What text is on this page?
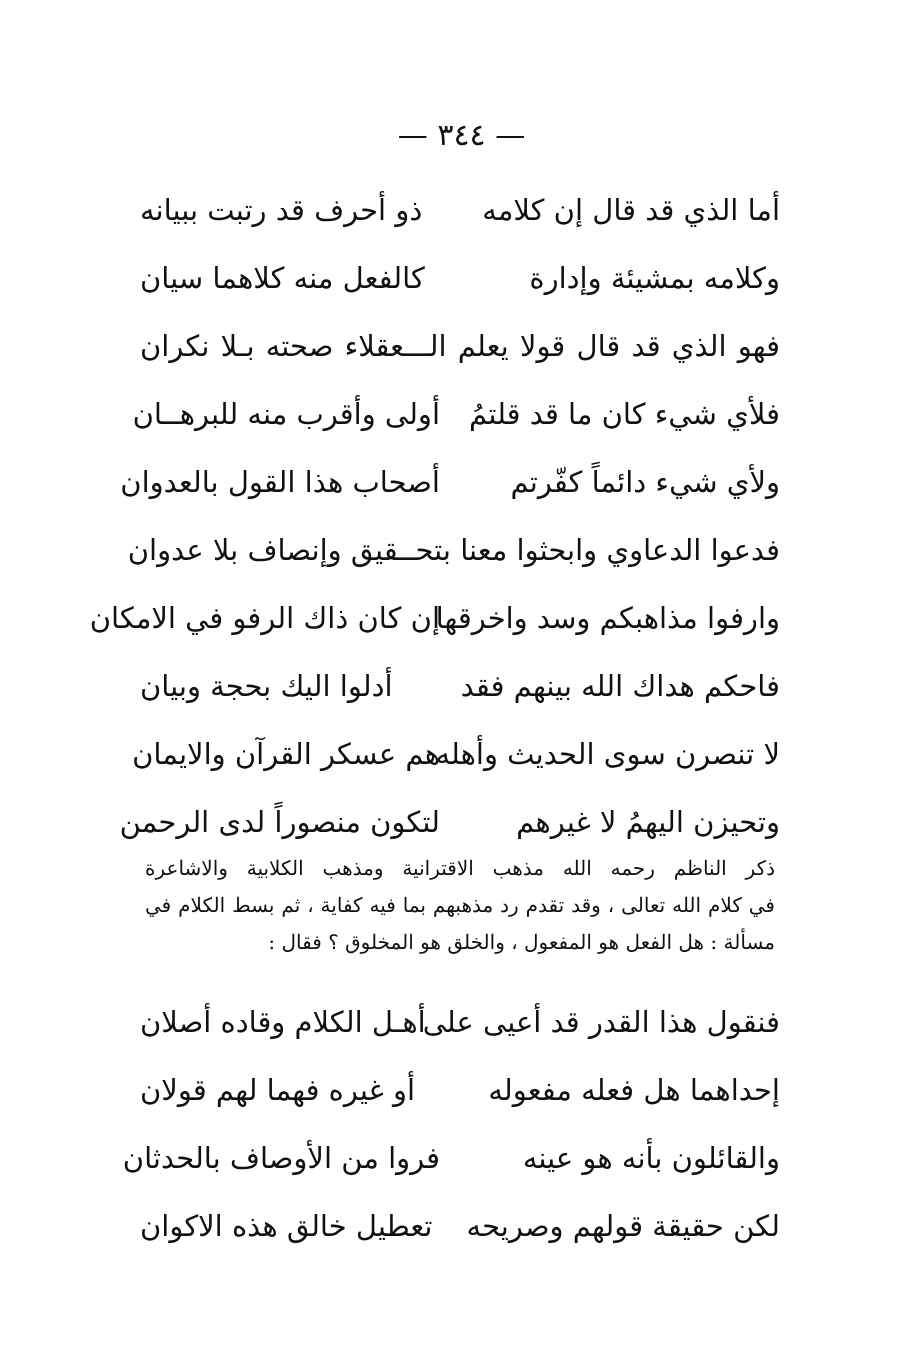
— ٣٤٤ —
أما الذي قد قال إن كلامه
ذو أحرف قد رتبت ببيانه
وكلامه بمشيئة وإدارة
كالفعل منه كلاهما سيان
فهو الذي قد قال قولا يعلم الـــعقلاء صحته بـلا نكران
فلأي شيء كان ما قد قلتمُ
أولى وأقرب منه للبرهــان
ولأي شيء دائماً كفّرتم
أصحاب هذا القول بالعدوان
فدعوا الدعاوي وابحثوا معنا بتحــقيق وإنصاف بلا عدوان
وارفوا مذاهبكم وسد واخرقها
إن كان ذاك الرفو في الامكان
فاحكم هداك الله بينهم فقد
أدلوا اليك بحجة وبيان
لا تنصرن سوى الحديث وأهله
هم عسكر القرآن والايمان
وتحيزن اليهمُ لا غيرهم
لتكون منصوراً لدى الرحمن
ذكر الناظم رحمه الله مذهب الاقترانية ومذهب الكلابية والاشاعرة
في كلام الله تعالى ، وقد تقدم رد مذهبهم بما فيه كفاية ، ثم بسط الكلام في
مسألة : هل الفعل هو المفعول ، والخلق هو المخلوق ؟ فقال :
فنقول هذا القدر قد أعيى على
أهـل الكلام وقاده أصلان
إحداهما هل فعله مفعوله
أو غيره فهما لهم قولان
والقائلون بأنه هو عينه
فروا من الأوصاف بالحدثان
لكن حقيقة قولهم وصريحه
تعطيل خالق هذه الاكوان
